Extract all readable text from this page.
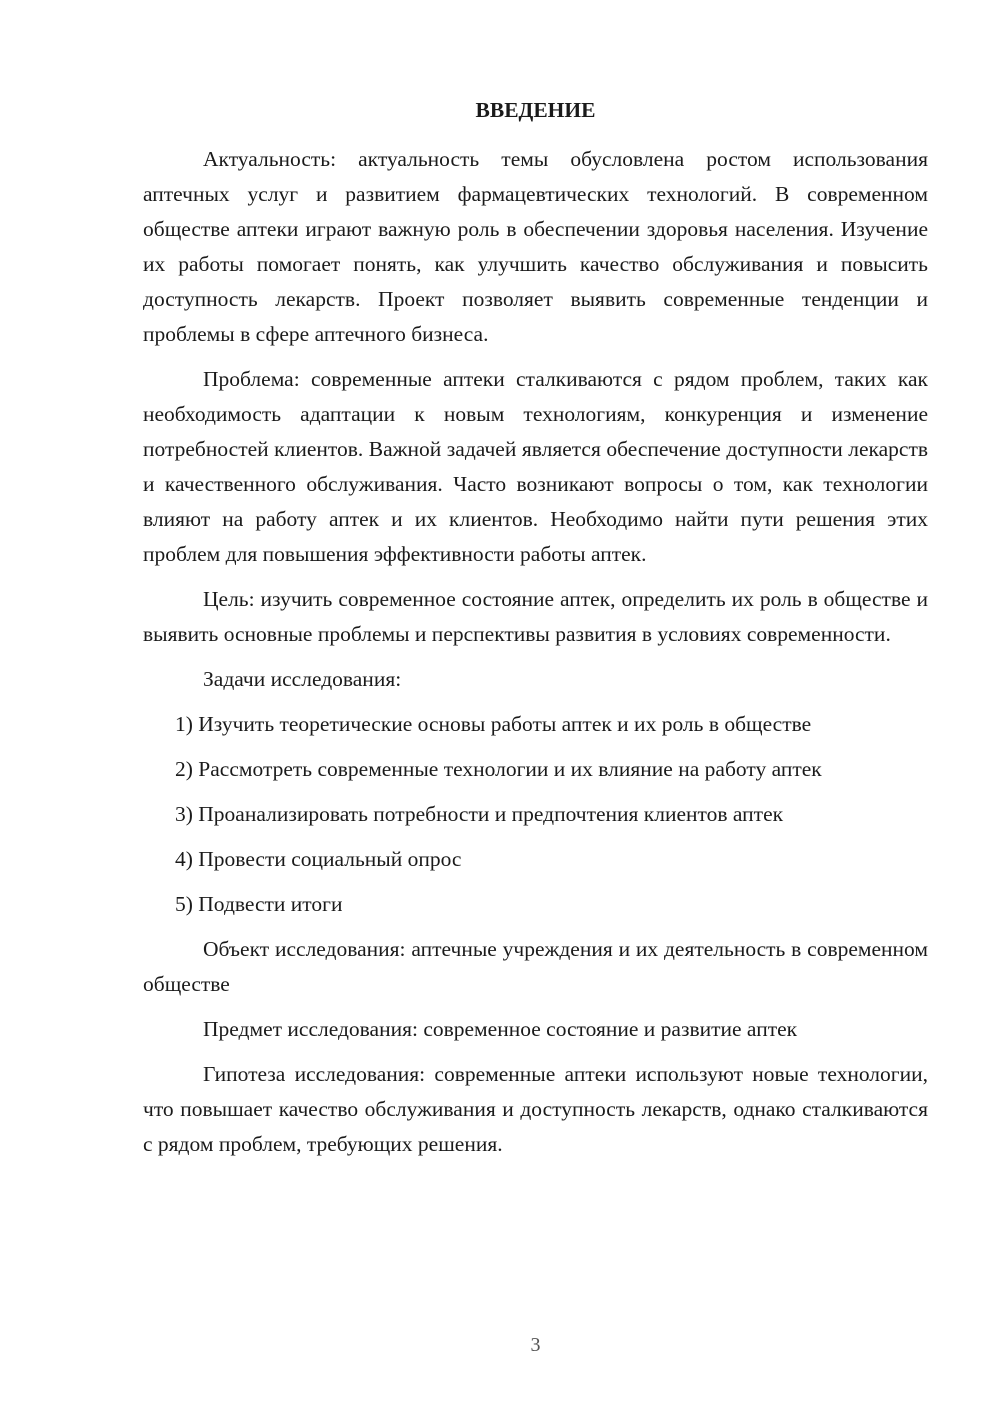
ВВЕДЕНИЕ

Актуальность: актуальность темы обусловлена ростом использования аптечных услуг и развитием фармацевтических технологий. В современном обществе аптеки играют важную роль в обеспечении здоровья населения. Изучение их работы помогает понять, как улучшить качество обслуживания и повысить доступность лекарств. Проект позволяет выявить современные тенденции и проблемы в сфере аптечного бизнеса.

Проблема: современные аптеки сталкиваются с рядом проблем, таких как необходимость адаптации к новым технологиям, конкуренция и изменение потребностей клиентов. Важной задачей является обеспечение доступности лекарств и качественного обслуживания. Часто возникают вопросы о том, как технологии влияют на работу аптек и их клиентов. Необходимо найти пути решения этих проблем для повышения эффективности работы аптек.

Цель: изучить современное состояние аптек, определить их роль в обществе и выявить основные проблемы и перспективы развития в условиях современности.

Задачи исследования:

1) Изучить теоретические основы работы аптек и их роль в обществе

2) Рассмотреть современные технологии и их влияние на работу аптек

3) Проанализировать потребности и предпочтения клиентов аптек

4) Провести социальный опрос

5) Подвести итоги

Объект исследования: аптечные учреждения и их деятельность в современном обществе

Предмет исследования: современное состояние и развитие аптек

Гипотеза исследования: современные аптеки используют новые технологии, что повышает качество обслуживания и доступность лекарств, однако сталкиваются с рядом проблем, требующих решения.

3
